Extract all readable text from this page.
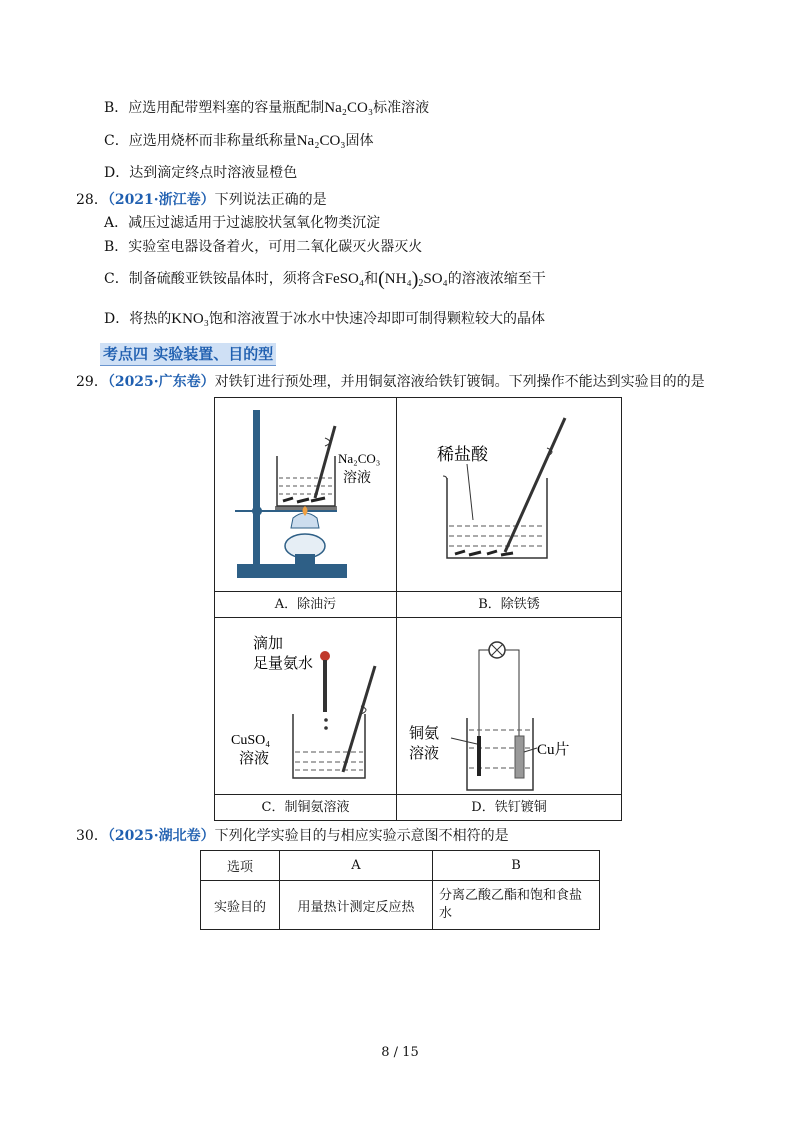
B．应选用配带塑料塞的容量瓶配制Na₂CO₃标准溶液
C．应选用烧杯而非称量纸称量Na₂CO₃固体
D．达到滴定终点时溶液显橙色
28．（2021·浙江卷）下列说法正确的是
A．减压过滤适用于过滤胶状氢氧化物类沉淀
B．实验室电器设备着火，可用二氧化碳灭火器灭火
C．制备硫酸亚铁铵晶体时，须将含FeSO₄和$(NH_4)_2SO_4$的溶液浓缩至干
D．将热的KNO₃饱和溶液置于冰水中快速冷却即可制得颗粒较大的晶体
考点四 实验装置、目的型
29．（2025·广东卷）对铁钉进行预处理，并用铜氨溶液给铁钉镀铜。下列操作不能达到实验目的的是
Na₂CO₃
溶液	稀盐酸

A．除油污	B．除铁锈

滴加
足量氨水
CuSO₄
溶液	铜氨
溶液 Cu片

C．制铜氨溶液	D．铁钉镀铜
30．（2025·湖北卷）下列化学实验目的与相应实验示意图不相符的是
选项	A	B
实验目的	用量热计测定反应热	分离乙酸乙酯和饱和食盐水
8 / 15
